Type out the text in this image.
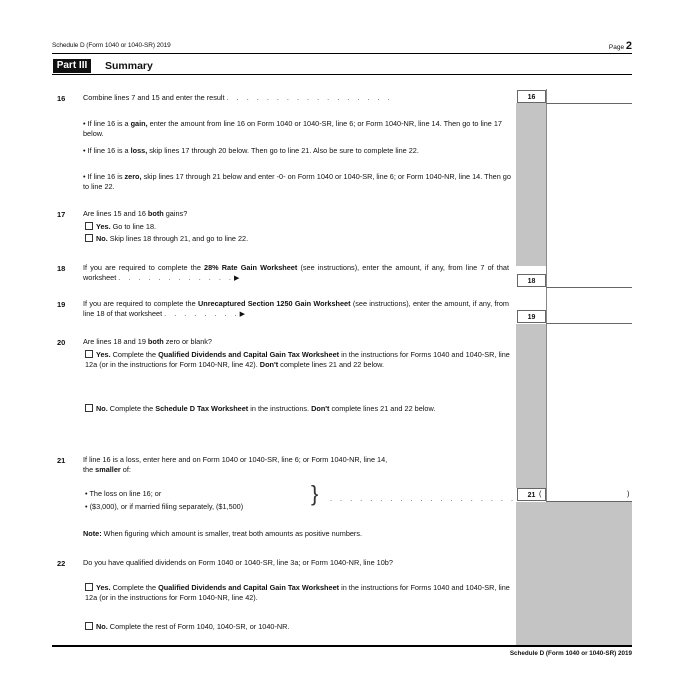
Schedule D (Form 1040 or 1040-SR) 2019	Page 2
Part III	Summary
16 Combine lines 7 and 15 and enter the result . . . . . . . . . . . . . . . . .	16
• If line 16 is a gain, enter the amount from line 16 on Form 1040 or 1040-SR, line 6; or Form 1040-NR, line 14. Then go to line 17 below.
• If line 16 is a loss, skip lines 17 through 20 below. Then go to line 21. Also be sure to complete line 22.
• If line 16 is zero, skip lines 17 through 21 below and enter -0- on Form 1040 or 1040-SR, line 6; or Form 1040-NR, line 14. Then go to line 22.
17 Are lines 15 and 16 both gains?
Yes. Go to line 18.
No. Skip lines 18 through 21, and go to line 22.
18 If you are required to complete the 28% Rate Gain Worksheet (see instructions), enter the amount, if any, from line 7 of that worksheet . . . . . . . . . . . .▶	18
19 If you are required to complete the Unrecaptured Section 1250 Gain Worksheet (see instructions), enter the amount, if any, from line 18 of that worksheet . . . . . . . .▶	19
20 Are lines 18 and 19 both zero or blank?
Yes. Complete the Qualified Dividends and Capital Gain Tax Worksheet in the instructions for Forms 1040 and 1040-SR, line 12a (or in the instructions for Form 1040-NR, line 42). Don't complete lines 21 and 22 below.
No. Complete the Schedule D Tax Worksheet in the instructions. Don't complete lines 21 and 22 below.
21 If line 16 is a loss, enter here and on Form 1040 or 1040-SR, line 6; or Form 1040-NR, line 14,
the smaller of:
• The loss on line 16; or
• ($3,000), or if married filing separately, ($1,500)
} . . . . . . . . . . . . . . . . . . .	21 (	)
Note: When figuring which amount is smaller, treat both amounts as positive numbers.
22 Do you have qualified dividends on Form 1040 or 1040-SR, line 3a; or Form 1040-NR, line 10b?
Yes. Complete the Qualified Dividends and Capital Gain Tax Worksheet in the instructions for Forms 1040 and 1040-SR, line 12a (or in the instructions for Form 1040-NR, line 42).
No. Complete the rest of Form 1040, 1040-SR, or 1040-NR.
Schedule D (Form 1040 or 1040-SR) 2019
